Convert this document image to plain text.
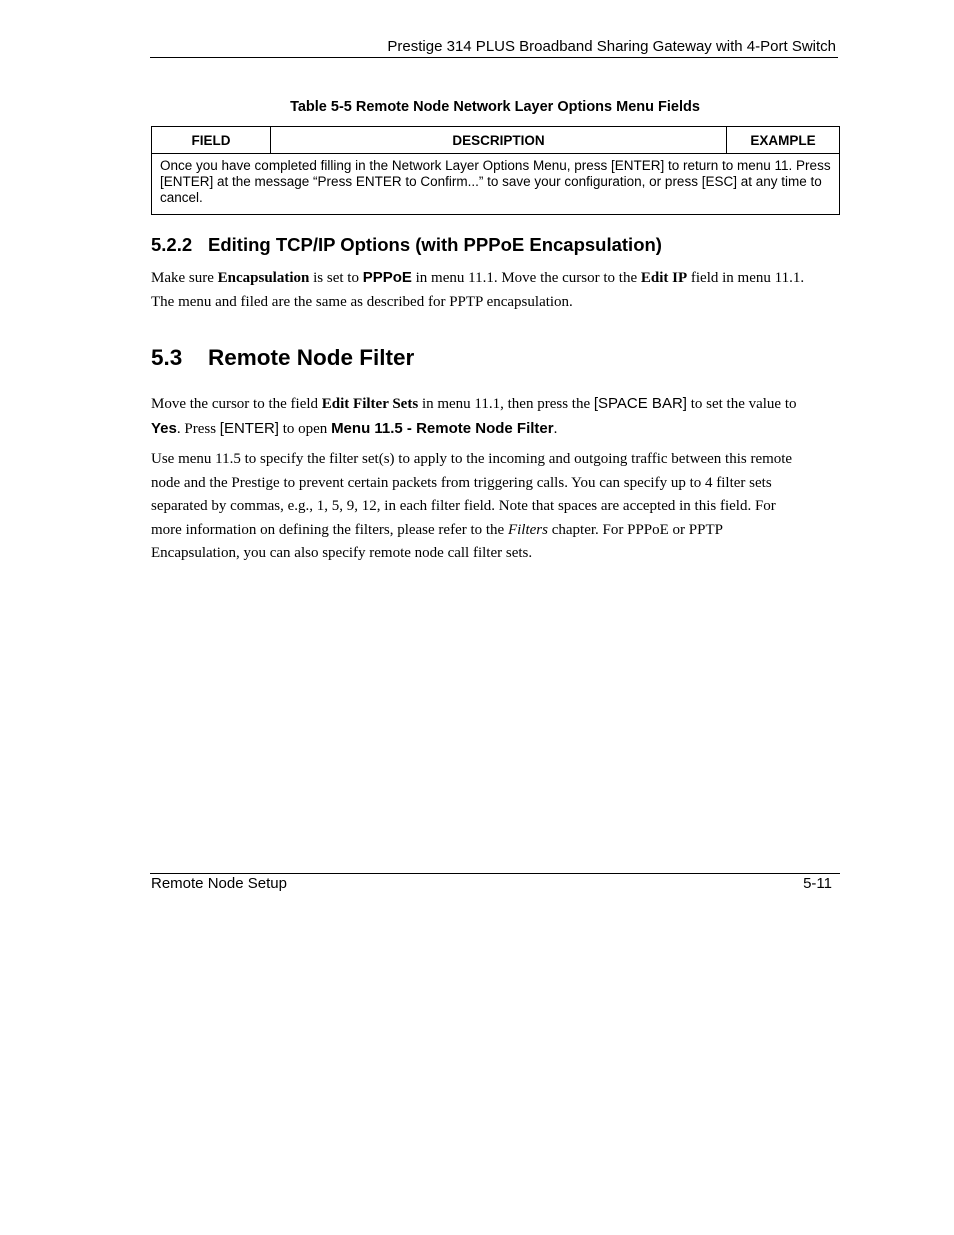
Prestige 314 PLUS Broadband Sharing Gateway with 4-Port Switch
Table 5-5 Remote Node Network Layer Options Menu Fields
FIELD	DESCRIPTION	EXAMPLE
Once you have completed filling in the Network Layer Options Menu, press [ENTER] to return to menu 11. Press [ENTER] at the message “Press ENTER to Confirm...” to save your configuration, or press [ESC] at any time to cancel.
5.2.2 Editing TCP/IP Options (with PPPoE Encapsulation)
Make sure Encapsulation is set to PPPoE in menu 11.1. Move the cursor to the Edit IP field in menu 11.1.
The menu and filed are the same as described for PPTP encapsulation.
5.3 Remote Node Filter
Move the cursor to the field Edit Filter Sets in menu 11.1, then press the [SPACE BAR] to set the value to
Yes. Press [ENTER] to open Menu 11.5 - Remote Node Filter.
Use menu 11.5 to specify the filter set(s) to apply to the incoming and outgoing traffic between this remote
node and the Prestige to prevent certain packets from triggering calls. You can specify up to 4 filter sets
separated by commas, e.g., 1, 5, 9, 12, in each filter field. Note that spaces are accepted in this field. For
more information on defining the filters, please refer to the Filters chapter. For PPPoE or PPTP
Encapsulation, you can also specify remote node call filter sets.
Remote Node Setup	5-11
